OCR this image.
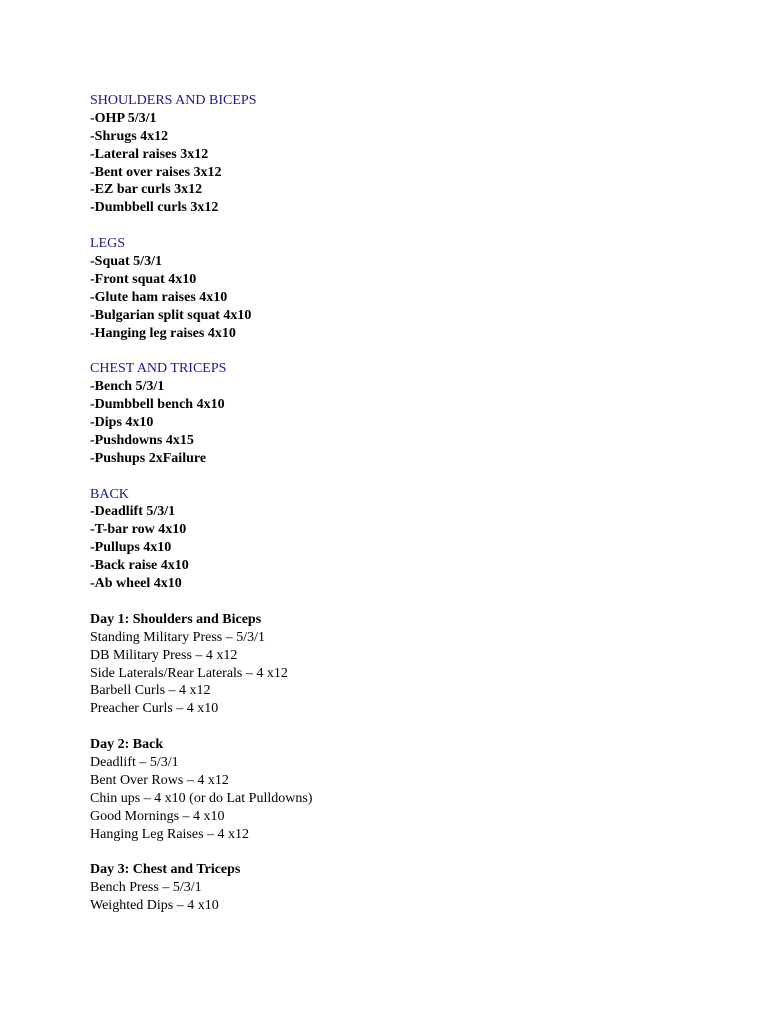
SHOULDERS AND BICEPS
-OHP 5/3/1
-Shrugs 4x12
-Lateral raises 3x12
-Bent over raises 3x12
-EZ bar curls 3x12
-Dumbbell curls 3x12
LEGS
-Squat 5/3/1
-Front squat 4x10
-Glute ham raises 4x10
-Bulgarian split squat 4x10
-Hanging leg raises 4x10
CHEST AND TRICEPS
-Bench 5/3/1
-Dumbbell bench 4x10
-Dips 4x10
-Pushdowns 4x15
-Pushups 2xFailure
BACK
-Deadlift 5/3/1
-T-bar row 4x10
-Pullups 4x10
-Back raise 4x10
-Ab wheel 4x10
Day 1: Shoulders and Biceps
Standing Military Press – 5/3/1
DB Military Press – 4 x12
Side Laterals/Rear Laterals – 4 x12
Barbell Curls – 4 x12
Preacher Curls – 4 x10
Day 2: Back
Deadlift – 5/3/1
Bent Over Rows – 4 x12
Chin ups – 4 x10 (or do Lat Pulldowns)
Good Mornings – 4 x10
Hanging Leg Raises – 4 x12
Day 3: Chest and Triceps
Bench Press – 5/3/1
Weighted Dips – 4 x10
